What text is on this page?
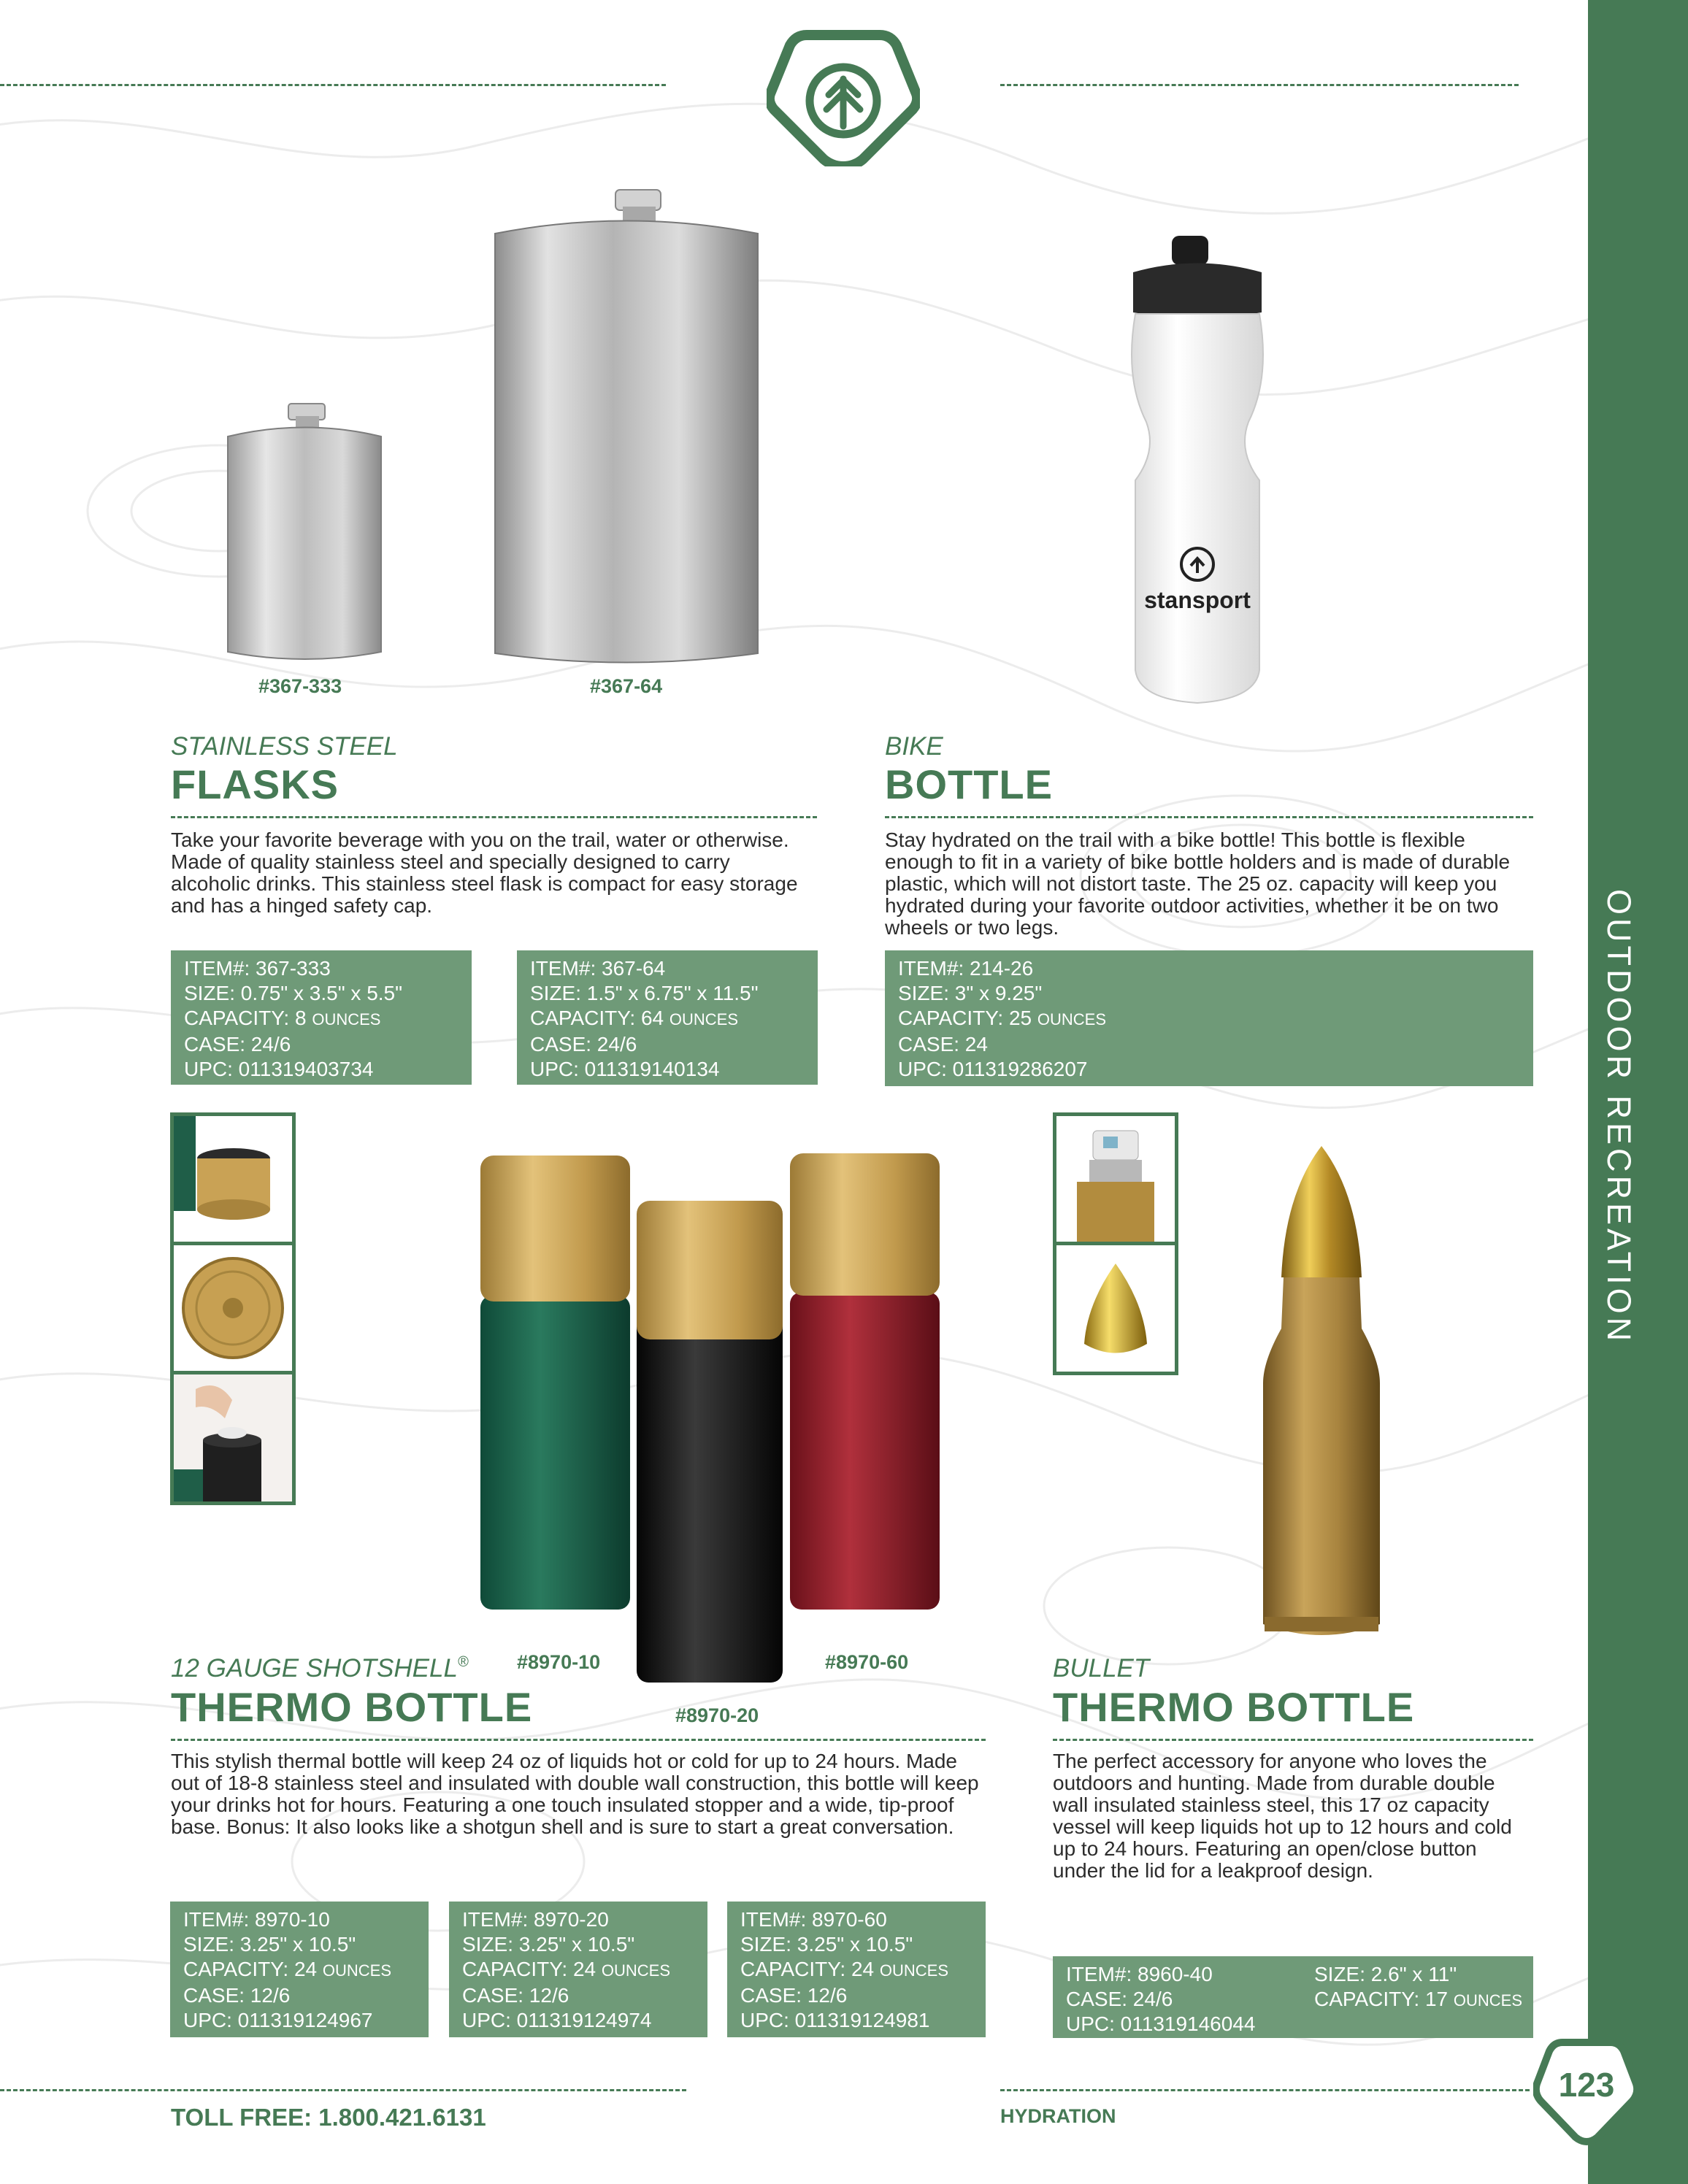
OUTDOOR RECREATION
#367-333	#367-64
STAINLESS STEEL
FLASKS
Take your favorite beverage with you on the trail, water or otherwise. Made of quality stainless steel and specially designed to carry alcoholic drinks. This stainless steel flask is compact for easy storage and has a hinged safety cap.
ITEM#: 367-333
SIZE: 0.75" x 3.5" x 5.5"
CAPACITY: 8 OUNCES
CASE: 24/6
UPC: 011319403734
ITEM#: 367-64
SIZE: 1.5" x 6.75" x 11.5"
CAPACITY: 64 OUNCES
CASE: 24/6
UPC: 011319140134
stansport
BIKE
BOTTLE
Stay hydrated on the trail with a bike bottle! This bottle is flexible enough to fit in a variety of bike bottle holders and is made of durable plastic, which will not distort taste. The 25 oz. capacity will keep you hydrated during your favorite outdoor activities, whether it be on two wheels or two legs.
ITEM#: 214-26
SIZE: 3" x 9.25"
CAPACITY: 25 OUNCES
CASE: 24
UPC: 011319286207
#8970-10
#8970-20
#8970-60
12 GAUGE SHOTSHELL®
THERMO BOTTLE
This stylish thermal bottle will keep 24 oz of liquids hot or cold for up to 24 hours. Made out of 18-8 stainless steel and insulated with double wall construction, this bottle will keep your drinks hot for hours. Featuring a one touch insulated stopper and a wide, tip-proof base. Bonus: It also looks like a shotgun shell and is sure to start a great conversation.
ITEM#: 8970-10
SIZE: 3.25" x 10.5"
CAPACITY: 24 OUNCES
CASE: 12/6
UPC: 011319124967
ITEM#: 8970-20
SIZE: 3.25" x 10.5"
CAPACITY: 24 OUNCES
CASE: 12/6
UPC: 011319124974
ITEM#: 8970-60
SIZE: 3.25" x 10.5"
CAPACITY: 24 OUNCES
CASE: 12/6
UPC: 011319124981
BULLET
THERMO BOTTLE
The perfect accessory for anyone who loves the outdoors and hunting. Made from durable double wall insulated stainless steel, this 17 oz capacity vessel will keep liquids hot up to 12 hours and cold up to 24 hours. Featuring an open/close button under the lid for a leakproof design.
ITEM#: 8960-40
CASE: 24/6
UPC: 011319146044
SIZE: 2.6" x 11"
CAPACITY: 17 OUNCES
TOLL FREE: 1.800.421.6131	HYDRATION
123
